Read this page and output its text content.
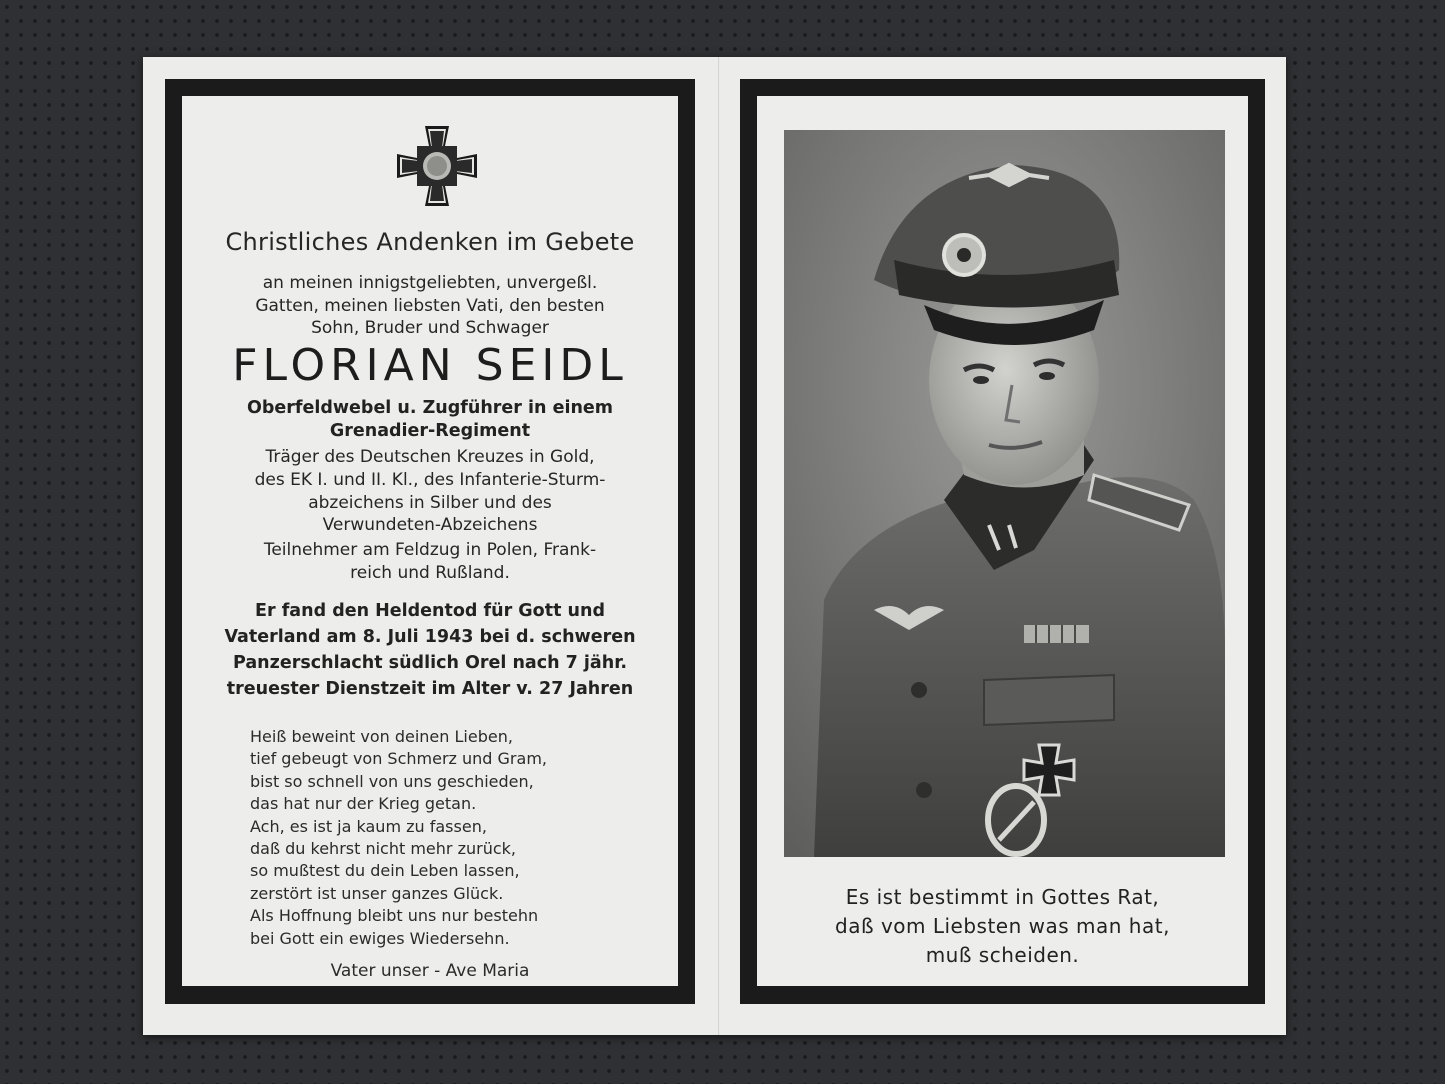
Christliches Andenken im Gebete
an meinen innigstgeliebten, unvergeßl.
Gatten, meinen liebsten Vati, den besten
Sohn, Bruder und Schwager
FLORIAN SEIDL
Oberfeldwebel u. Zugführer in einem
Grenadier-Regiment
Träger des Deutschen Kreuzes in Gold,
des EK I. und II. Kl., des Infanterie-Sturm-
abzeichens in Silber und des
Verwundeten-Abzeichens
Teilnehmer am Feldzug in Polen, Frank-
reich und Rußland.
Er fand den Heldentod für Gott und
Vaterland am 8. Juli 1943 bei d. schweren
Panzerschlacht südlich Orel nach 7 jähr.
treuester Dienstzeit im Alter v. 27 Jahren
Heiß beweint von deinen Lieben,
tief gebeugt von Schmerz und Gram,
bist so schnell von uns geschieden,
das hat nur der Krieg getan.
Ach, es ist ja kaum zu fassen,
daß du kehrst nicht mehr zurück,
so mußtest du dein Leben lassen,
zerstört ist unser ganzes Glück.
Als Hoffnung bleibt uns nur bestehn
bei Gott ein ewiges Wiedersehn.
Vater unser - Ave Maria
Es ist bestimmt in Gottes Rat,
daß vom Liebsten was man hat,
muß scheiden.
